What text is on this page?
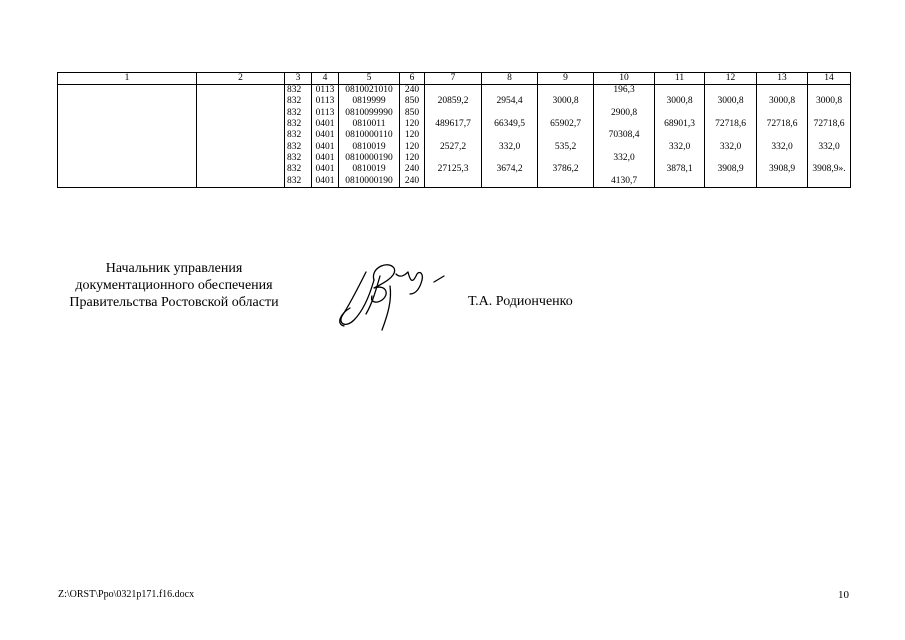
1	2	3	4	5	6	7	8	9	10	11	12	13	14
		832	0113	0810021010	240				196,3				
		832	0113	0819999	850	20859,2	2954,4	3000,8		3000,8	3000,8	3000,8	3000,8
		832	0113	0810099990	850				2900,8				
		832	0401	0810011	120	489617,7	66349,5	65902,7		68901,3	72718,6	72718,6	72718,6
		832	0401	0810000110	120				70308,4				
		832	0401	0810019	120	2527,2	332,0	535,2		332,0	332,0	332,0	332,0
		832	0401	0810000190	120				332,0				
		832	0401	0810019	240	27125,3	3674,2	3786,2		3878,1	3908,9	3908,9	3908,9».
		832	0401	0810000190	240				4130,7				
Начальник управления
документационного обеспечения
Правительства Ростовской области	Т.А. Родионченко
Z:\ORST\Ppo\0321p171.f16.docx	10
